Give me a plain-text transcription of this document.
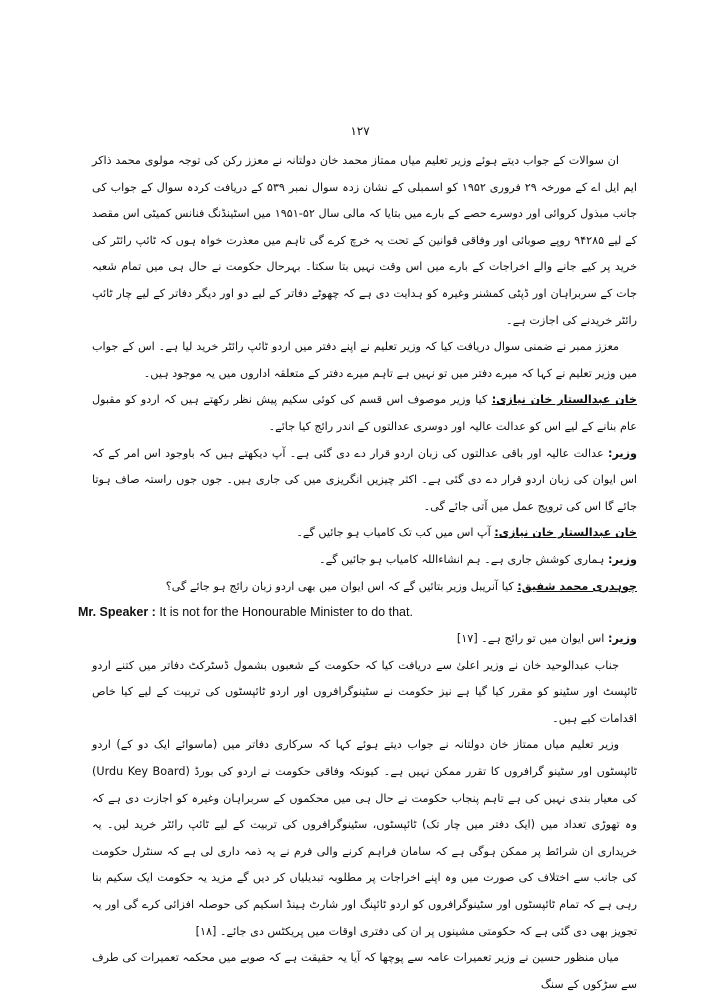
۱۲۷

ان سوالات کے جواب دیتے ہوئے وزیر تعلیم میاں ممتاز محمد خان دولتانہ نے معزز رکن کی توجہ مولوی محمد ذاکر ایم ایل اے کے مورخہ ۲۹ فروری ۱۹۵۲ کو اسمبلی کے نشان زدہ سوال نمبر ۵۳۹ کے دریافت کردہ سوال کے جواب کی جانب مبذول کروائی اور دوسرے حصے کے بارے میں بتایا کہ مالی سال ۵۲-۱۹۵۱ میں اسٹینڈنگ فنانس کمیٹی اس مقصد کے لیے ۹۴۲۸۵ روپے صوبائی اور وفاقی قوانین کے تحت یہ خرچ کرے گی تاہم میں معذرت خواہ ہوں کہ ٹائپ رائٹر کی خرید پر کیے جانے والے اخراجات کے بارے میں اس وقت نہیں بتا سکتا۔ بہرحال حکومت نے حال ہی میں تمام شعبہ جات کے سربراہان اور ڈپٹی کمشنر وغیرہ کو ہدایت دی ہے کہ چھوٹے دفاتر کے لیے دو اور دیگر دفاتر کے لیے چار ٹائپ رائٹر خریدنے کی اجازت ہے۔

معزز ممبر نے ضمنی سوال دریافت کیا کہ وزیر تعلیم نے اپنے دفتر میں اردو ٹائپ رائٹر خرید لیا ہے۔ اس کے جواب میں وزیر تعلیم نے کہا کہ میرے دفتر میں تو نہیں ہے تاہم میرے دفتر کے متعلقہ اداروں میں یہ موجود ہیں۔

خان عبدالستار خان نیازی: کیا وزیر موصوف اس قسم کی کوئی سکیم پیش نظر رکھتے ہیں کہ اردو کو مقبول عام بنانے کے لیے اس کو عدالت عالیہ اور دوسری عدالتوں کے اندر رائج کیا جائے۔

وزیر: عدالت عالیہ اور باقی عدالتوں کی زبان اردو قرار دے دی گئی ہے۔ آپ دیکھتے ہیں کہ باوجود اس امر کے کہ اس ایوان کی زبان اردو قرار دے دی گئی ہے۔ اکثر چیزیں انگریزی میں کی جاری ہیں۔ جوں جوں راستہ صاف ہوتا جائے گا اس کی ترویج عمل میں آتی جائے گی۔

خان عبدالستار خان نیازی: آپ اس میں کب تک کامیاب ہو جائیں گے۔

وزیر: ہماری کوشش جاری ہے۔ ہم انشاءاللہ کامیاب ہو جائیں گے۔

چوہدری محمد شفیق: کیا آنریبل وزیر بتائیں گے کہ اس ایوان میں بھی اردو زبان رائج ہو جائے گی؟

Mr. Speaker : It is not for the Honourable Minister to do that.

وزیر: اس ایوان میں تو رائج ہے۔ [۱۷]

جناب عبدالوحید خان نے وزیر اعلیٰ سے دریافت کیا کہ حکومت کے شعبوں بشمول ڈسٹرکٹ دفاتر میں کتنے اردو ٹائپسٹ اور سٹینو کو مقرر کیا گیا ہے نیز حکومت نے سٹینوگرافروں اور اردو ٹائپسٹوں کی تربیت کے لیے کیا خاص اقدامات کیے ہیں۔

وزیر تعلیم میاں ممتاز خان دولتانہ نے جواب دیتے ہوئے کہا کہ سرکاری دفاتر میں (ماسوائے ایک دو کے) اردو ٹائپسٹوں اور سٹینو گرافروں کا تقرر ممکن نہیں ہے۔ کیونکہ وفاقی حکومت نے اردو کی بورڈ (Urdu Key Board) کی معیار بندی نہیں کی ہے تاہم پنجاب حکومت نے حال ہی میں محکموں کے سربراہان وغیرہ کو اجازت دی ہے کہ وہ تھوڑی تعداد میں (ایک دفتر میں چار تک) ٹائپسٹوں، سٹینوگرافروں کی تربیت کے لیے ٹائپ رائٹر خرید لیں۔ یہ خریداری ان شرائط پر ممکن ہوگی ہے کہ سامان فراہم کرنے والی فرم نے یہ ذمہ داری لی ہے کہ سنٹرل حکومت کی جانب سے اختلاف کی صورت میں وہ اپنے اخراجات پر مطلوبہ تبدیلیاں کر دیں گے مزید یہ حکومت ایک سکیم بنا رہی ہے کہ تمام ٹائپسٹوں اور سٹینوگرافروں کو اردو ٹائپنگ اور شارٹ ہینڈ اسکیم کی حوصلہ افزائی کرے گی اور یہ تجویز بھی دی گئی ہے کہ حکومتی مشینوں پر ان کی دفتری اوقات میں پریکٹس دی جائے۔ [۱۸]

میاں منظور حسین نے وزیر تعمیرات عامہ سے پوچھا کہ آیا یہ حقیقت ہے کہ صوبے میں محکمہ تعمیرات کی طرف سے سڑکوں کے سنگ
